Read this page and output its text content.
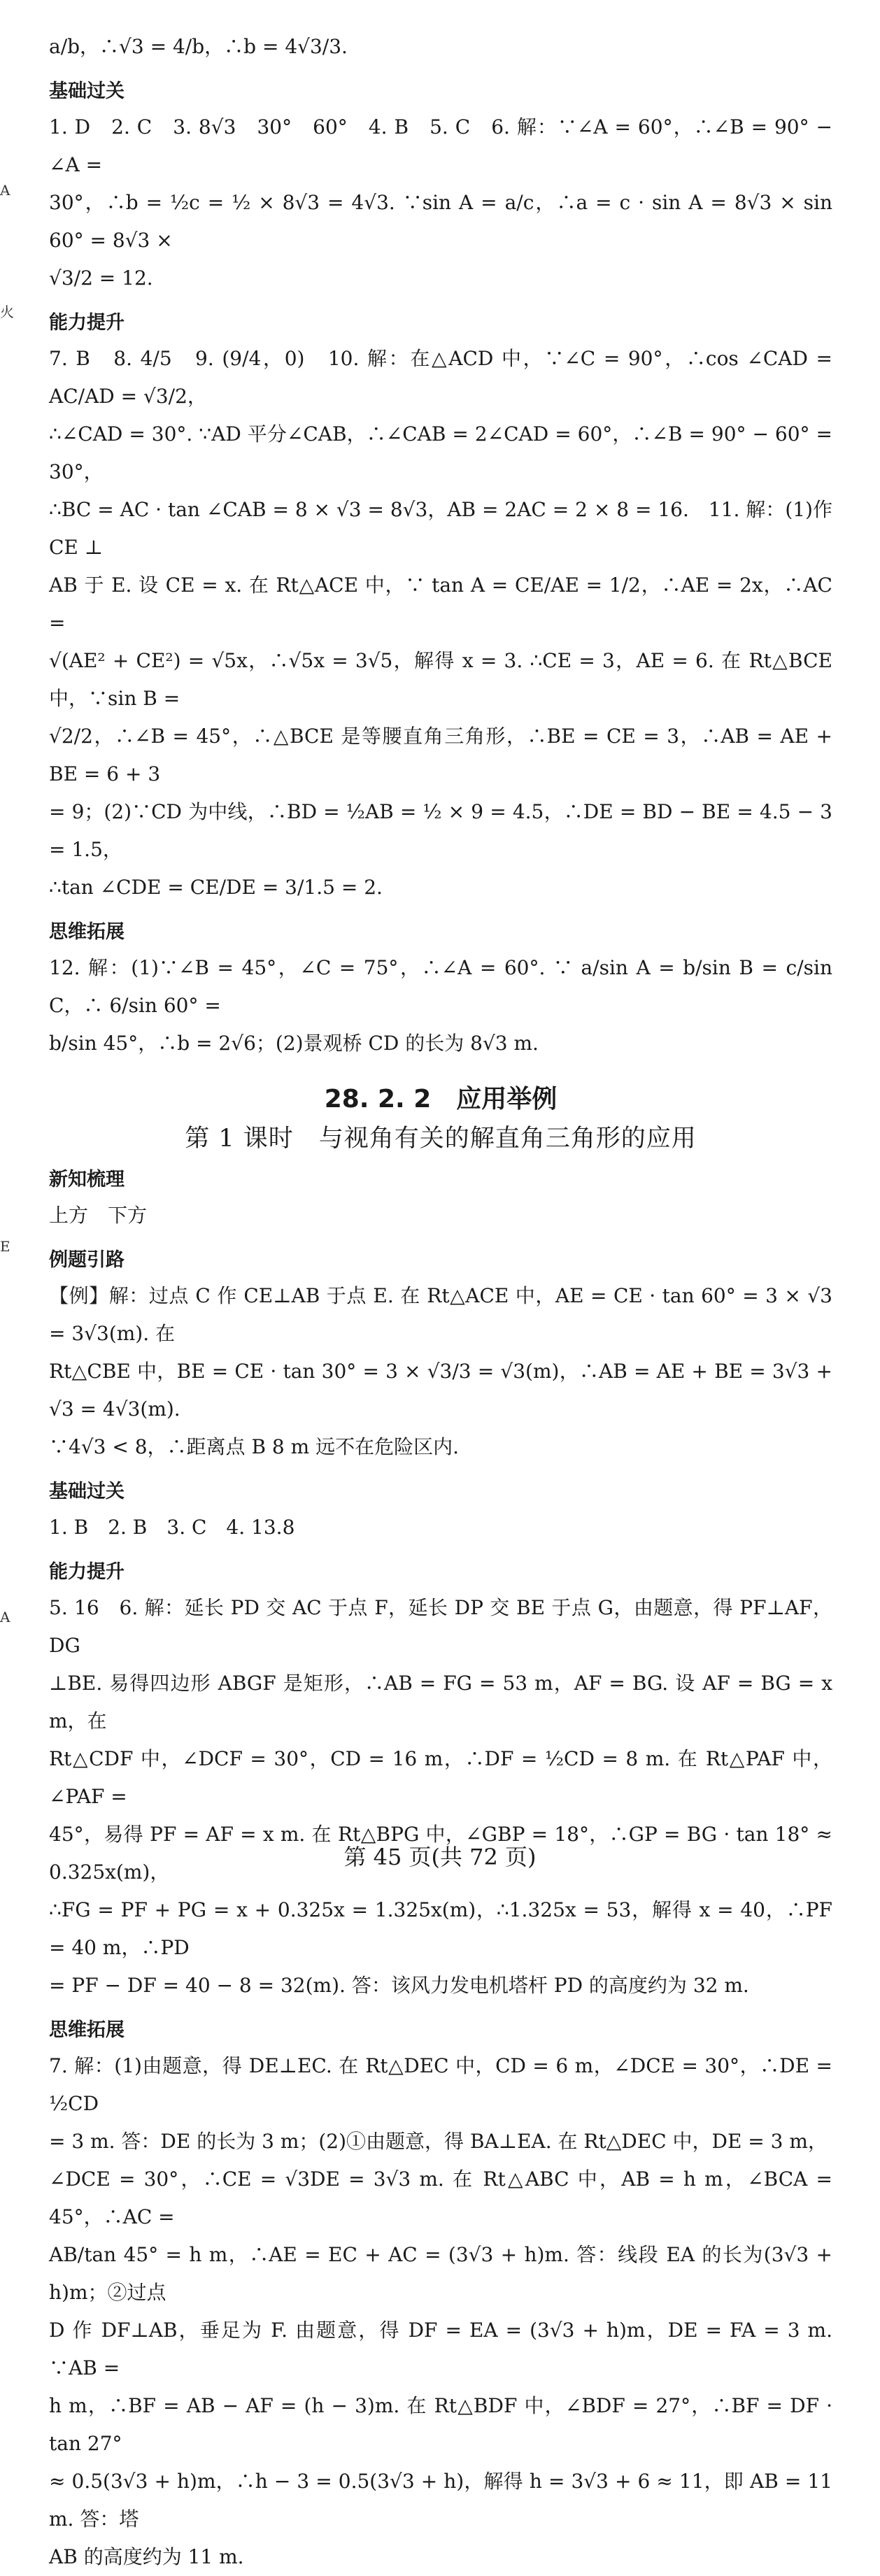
A
火
E
A

a/b，∴√3 = 4/b，∴b = 4√3/3.

基础过关

1. D　2. C　3. 8√3　30°　60°　4. B　5. C　6. 解：∵∠A = 60°，∴∠B = 90° − ∠A =

30°，∴b = ½c = ½ × 8√3 = 4√3. ∵sin A = a/c，∴a = c · sin A = 8√3 × sin 60° = 8√3 ×

√3/2 = 12.

能力提升

7. B　8. 4/5　9. (9/4，0)　10. 解：在△ACD 中，∵∠C = 90°，∴cos ∠CAD = AC/AD = √3/2，

∴∠CAD = 30°. ∵AD 平分∠CAB，∴∠CAB = 2∠CAD = 60°，∴∠B = 90° − 60° = 30°，

∴BC = AC · tan ∠CAB = 8 × √3 = 8√3，AB = 2AC = 2 × 8 = 16.　11. 解：(1)作 CE ⊥

AB 于 E. 设 CE = x. 在 Rt△ACE 中，∵ tan A = CE/AE = 1/2，∴AE = 2x，∴AC =

√(AE² + CE²) = √5x，∴√5x = 3√5，解得 x = 3. ∴CE = 3，AE = 6. 在 Rt△BCE 中，∵sin B =

√2/2，∴∠B = 45°，∴△BCE 是等腰直角三角形，∴BE = CE = 3，∴AB = AE + BE = 6 + 3

= 9；(2)∵CD 为中线，∴BD = ½AB = ½ × 9 = 4.5，∴DE = BD − BE = 4.5 − 3 = 1.5，

∴tan ∠CDE = CE/DE = 3/1.5 = 2.

思维拓展

12. 解：(1)∵∠B = 45°，∠C = 75°，∴∠A = 60°. ∵ a/sin A = b/sin B = c/sin C，∴ 6/sin 60° =

b/sin 45°，∴b = 2√6；(2)景观桥 CD 的长为 8√3 m.

28. 2. 2　应用举例
第 1 课时　与视角有关的解直角三角形的应用
新知梳理

上方　下方

例题引路

【例】解：过点 C 作 CE⊥AB 于点 E. 在 Rt△ACE 中，AE = CE · tan 60° = 3 × √3 = 3√3(m). 在

Rt△CBE 中，BE = CE · tan 30° = 3 × √3/3 = √3(m)，∴AB = AE + BE = 3√3 + √3 = 4√3(m).

∵4√3 < 8，∴距离点 B 8 m 远不在危险区内.

基础过关

1. B　2. B　3. C　4. 13.8

能力提升

5. 16　6. 解：延长 PD 交 AC 于点 F，延长 DP 交 BE 于点 G，由题意，得 PF⊥AF，DG

⊥BE. 易得四边形 ABGF 是矩形，∴AB = FG = 53 m，AF = BG. 设 AF = BG = x m，在

Rt△CDF 中，∠DCF = 30°，CD = 16 m，∴DF = ½CD = 8 m. 在 Rt△PAF 中，∠PAF =

45°，易得 PF = AF = x m. 在 Rt△BPG 中，∠GBP = 18°，∴GP = BG · tan 18° ≈ 0.325x(m)，

∴FG = PF + PG = x + 0.325x = 1.325x(m)，∴1.325x = 53，解得 x = 40，∴PF = 40 m，∴PD

= PF − DF = 40 − 8 = 32(m). 答：该风力发电机塔杆 PD 的高度约为 32 m.

思维拓展

7. 解：(1)由题意，得 DE⊥EC. 在 Rt△DEC 中，CD = 6 m，∠DCE = 30°，∴DE = ½CD

= 3 m. 答：DE 的长为 3 m；(2)①由题意，得 BA⊥EA. 在 Rt△DEC 中，DE = 3 m，

∠DCE = 30°，∴CE = √3DE = 3√3 m. 在 Rt△ABC 中，AB = h m，∠BCA = 45°，∴AC =

AB/tan 45° = h m，∴AE = EC + AC = (3√3 + h)m. 答：线段 EA 的长为(3√3 + h)m；②过点

D 作 DF⊥AB，垂足为 F. 由题意，得 DF = EA = (3√3 + h)m，DE = FA = 3 m. ∵AB =

h m，∴BF = AB − AF = (h − 3)m. 在 Rt△BDF 中，∠BDF = 27°，∴BF = DF · tan 27°

≈ 0.5(3√3 + h)m，∴h − 3 = 0.5(3√3 + h)，解得 h = 3√3 + 6 ≈ 11，即 AB = 11 m. 答：塔

AB 的高度约为 11 m.

第 45 页(共 72 页)
